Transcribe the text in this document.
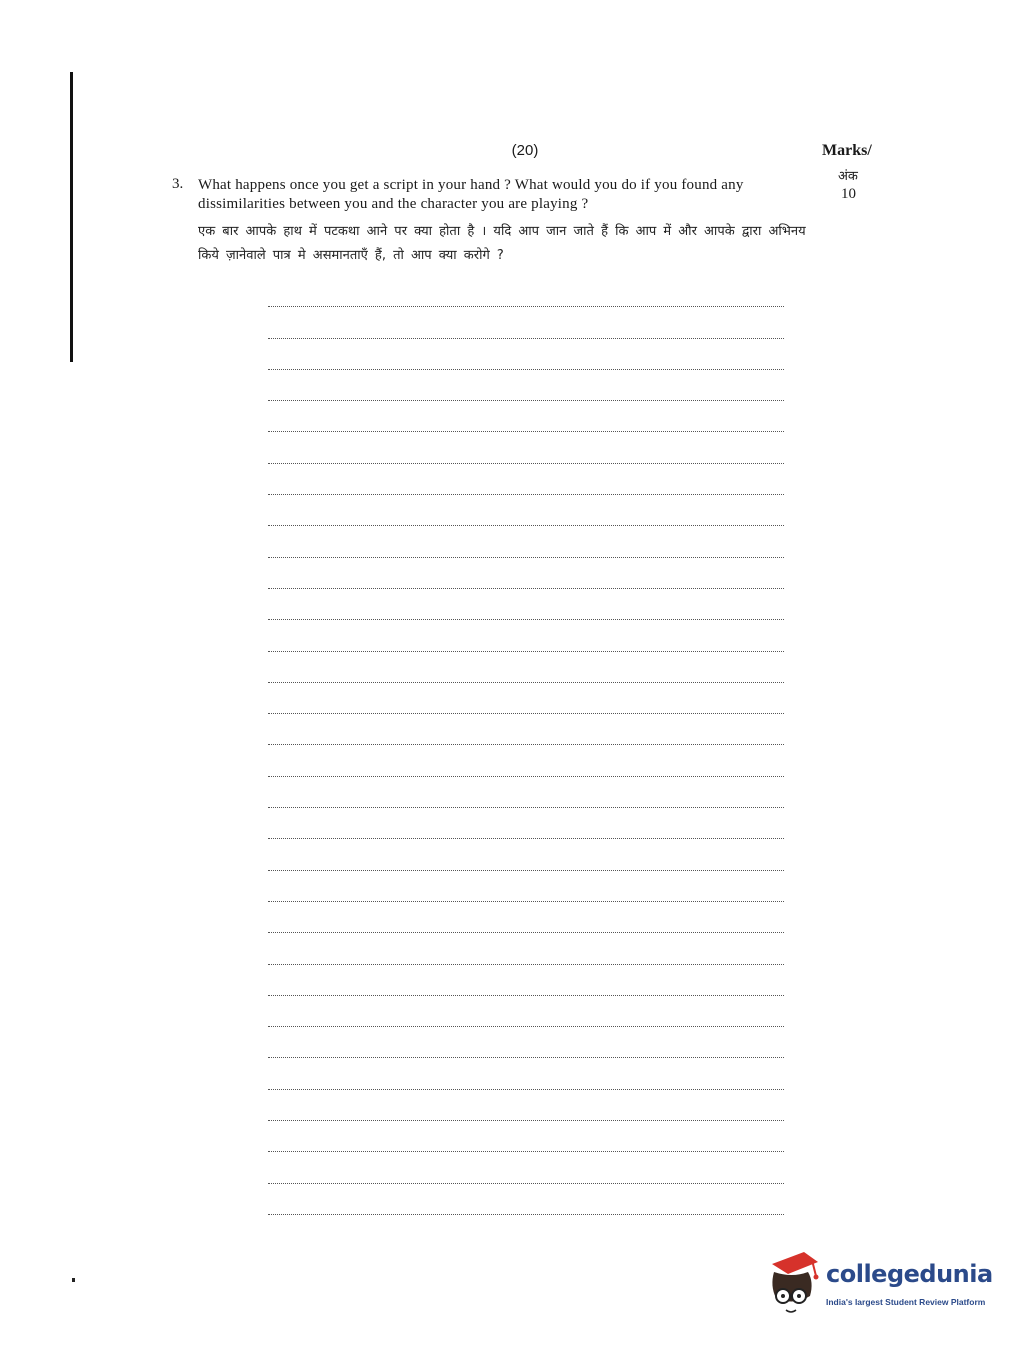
(20)	Marks/
अंक
10
3. What happens once you get a script in your hand ? What would you do if you found any dissimilarities between you and the character you are playing ?
एक बार आपके हाथ में पटकथा आने पर क्या होता है । यदि आप जान जाते हैं कि आप में और आपके द्वारा अभिनय किये ज़ानेवाले पात्र मे असमानताएँ हैं, तो आप क्या करोगे ?
collegedunia
India's largest Student Review Platform
